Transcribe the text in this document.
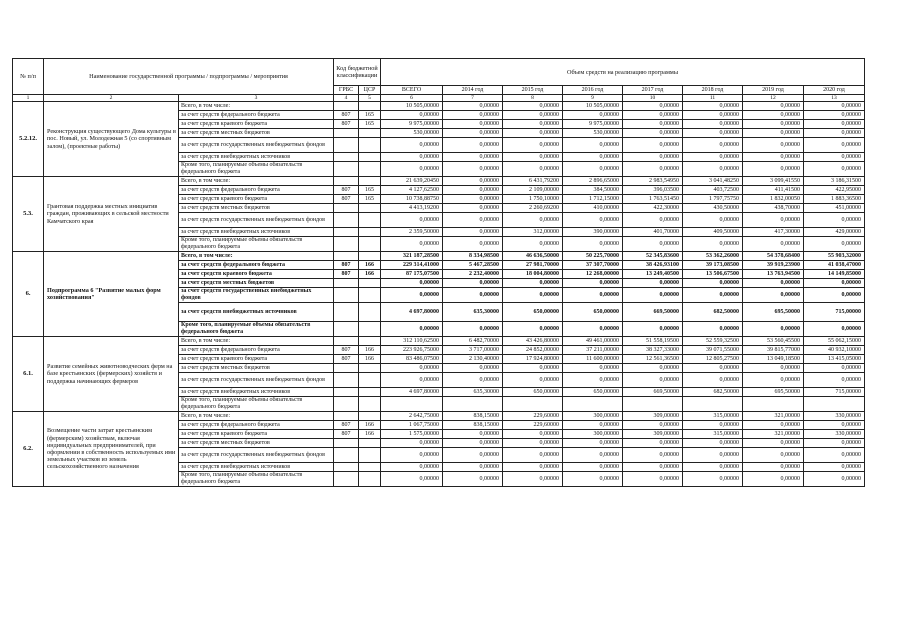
№ п/п	Наименование государственной программы / подпрограммы / мероприятия		Код бюджетной классификации		Объем средств на реализацию программы							
			ГРБС	ЦСР	ВСЕГО	2014 год	2015 год	2016 год	2017 год	2018 год	2019 год	2020 год
1	2	3	4	5	6	7	8	9	10	11	12	13
5.2.12.	Реконструкция существующего Дома культуры в пос. Новый, ул. Молодежная 5 (со спортивным залом), (проектные работы)	Всего, в том числе:			10 505,00000	0,00000	0,00000	10 505,00000	0,00000	0,00000	0,00000	0,00000
		за счет средств федерального бюджета	807	165	0,00000	0,00000	0,00000	0,00000	0,00000	0,00000	0,00000	0,00000
		за счет средств краевого бюджета	807	165	9 975,00000	0,00000	0,00000	9 975,00000	0,00000	0,00000	0,00000	0,00000
		за счет средств местных бюджетов			530,00000	0,00000	0,00000	530,00000	0,00000	0,00000	0,00000	0,00000
		за счет средств государственных внебюджетных фондов			0,00000	0,00000	0,00000	0,00000	0,00000	0,00000	0,00000	0,00000
		за счет средств внебюджетных источников			0,00000	0,00000	0,00000	0,00000	0,00000	0,00000	0,00000	0,00000
		Кроме того, планируемые объемы обязательств федерального бюджета			0,00000	0,00000	0,00000	0,00000	0,00000	0,00000	0,00000	0,00000
5.3.	Грантовая поддержка местных инициатив граждан, проживающих в сельской местности Камчатского края	Всего, в том числе:			21 639,20450	0,00000	6 431,79200	2 896,65000	2 983,54950	3 041,48250	3 099,41550	3 186,31500
		за счет средств федерального бюджета	807	165	4 127,62500	0,00000	2 109,00000	384,50000	396,03500	403,72500	411,41500	422,95000
		за счет средств краевого бюджета	807	165	10 738,88750	0,00000	1 750,10000	1 712,15000	1 763,51450	1 797,75750	1 832,00050	1 883,36500
		за счет средств местных бюджетов			4 413,19200	0,00000	2 260,69200	410,00000	422,30000	430,50000	438,70000	451,00000
		за счет средств государственных внебюджетных фондов			0,00000	0,00000	0,00000	0,00000	0,00000	0,00000	0,00000	0,00000
		за счет средств внебюджетных источников			2 359,50000	0,00000	312,00000	390,00000	401,70000	409,50000	417,30000	429,00000
		Кроме того, планируемые объемы обязательств федерального бюджета			0,00000	0,00000	0,00000	0,00000	0,00000	0,00000	0,00000	0,00000
6.	Подпрограмма 6 "Развитие малых форм хозяйствования"	Всего, в том числе:			321 187,28500	8 334,98500	46 636,50000	50 225,70000	52 345,83600	53 362,26000	54 378,68400	55 903,32000
		за счет средств федерального бюджета	807	166	229 314,41000	5 467,28500	27 981,70000	37 307,70000	38 426,93100	39 173,08500	39 919,23900	41 038,47000
		за счет средств краевого бюджета	807	166	87 175,07500	2 232,40000	18 004,80000	12 268,00000	13 249,40500	13 506,67500	13 763,94500	14 149,85000
		за счет средств местных бюджетов			0,00000	0,00000	0,00000	0,00000	0,00000	0,00000	0,00000	0,00000
		за счет средств государственных внебюджетных фондов			0,00000	0,00000	0,00000	0,00000	0,00000	0,00000	0,00000	0,00000
		за счет средств внебюджетных источников			4 697,80000	635,30000	650,00000	650,00000	669,50000	682,50000	695,50000	715,00000
		Кроме того, планируемые объемы обязательств федерального бюджета			0,00000	0,00000	0,00000	0,00000	0,00000	0,00000	0,00000	0,00000
6.1.	Развитие семейных животноводческих ферм на базе крестьянских (фермерских) хозяйств и поддержка начинающих фермеров	Всего, в том числе:			312 110,62500	6 482,70000	43 426,80000	49 461,00000	51 558,19500	52 559,32500	53 560,45500	55 062,15000
		за счет средств федерального бюджета	807	166	223 926,75000	3 717,00000	24 852,00000	37 211,00000	38 327,33000	39 071,55000	39 815,77000	40 932,10000
		за счет средств краевого бюджета	807	166	83 486,07500	2 130,40000	17 924,80000	11 600,00000	12 561,36500	12 805,27500	13 049,18500	13 415,05000
		за счет средств местных бюджетов			0,00000	0,00000	0,00000	0,00000	0,00000	0,00000	0,00000	0,00000
		за счет средств государственных внебюджетных фондов			0,00000	0,00000	0,00000	0,00000	0,00000	0,00000	0,00000	0,00000
		за счет средств внебюджетных источников			4 697,80000	635,30000	650,00000	650,00000	669,50000	682,50000	695,50000	715,00000
		Кроме того, планируемые объемы обязательств федерального бюджета										
6.2.	Возмещение части затрат крестьянским (фермерским) хозяйствам, включая индивидуальных предпринимателей, при оформлении в собственность используемых ими земельных участков из земель сельскохозяйственного назначения	Всего, в том числе:			2 642,75000	838,15000	229,60000	300,00000	309,00000	315,00000	321,00000	330,00000
		за счет средств федерального бюджета	807	166	1 067,75000	838,15000	229,60000	0,00000	0,00000	0,00000	0,00000	0,00000
		за счет средств краевого бюджета	807	166	1 575,00000	0,00000	0,00000	300,00000	309,00000	315,00000	321,00000	330,00000
		за счет средств местных бюджетов			0,00000	0,00000	0,00000	0,00000	0,00000	0,00000	0,00000	0,00000
		за счет средств государственных внебюджетных фондов			0,00000	0,00000	0,00000	0,00000	0,00000	0,00000	0,00000	0,00000
		за счет средств внебюджетных источников			0,00000	0,00000	0,00000	0,00000	0,00000	0,00000	0,00000	0,00000
		Кроме того, планируемые объемы обязательств федерального бюджета			0,00000	0,00000	0,00000	0,00000	0,00000	0,00000	0,00000	0,00000
